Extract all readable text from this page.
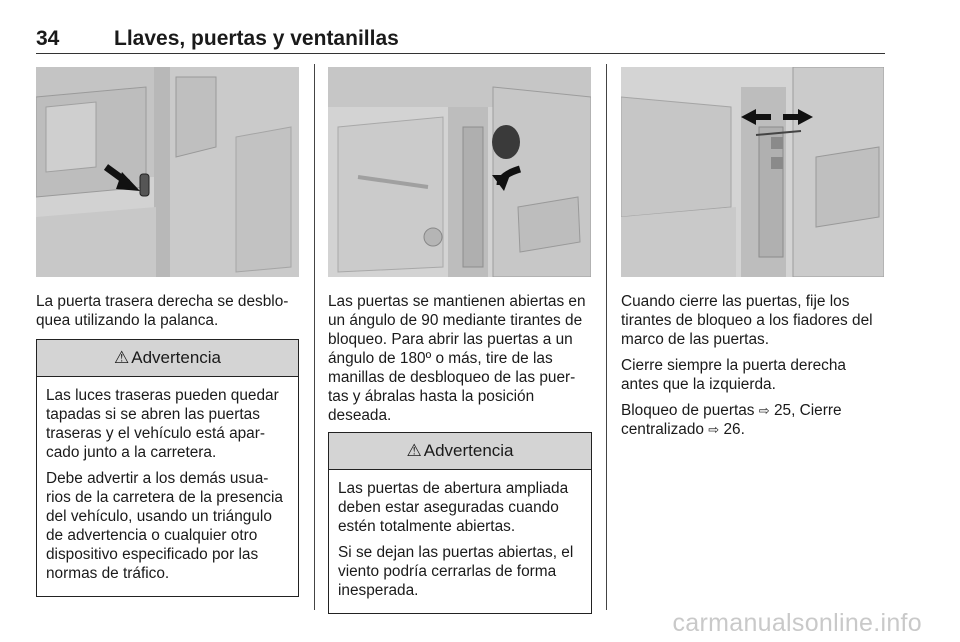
34	Llaves, puertas y ventanillas

La puerta trasera derecha se desblo-quea utilizando la palanca.

⚠ Advertencia

Las luces traseras pueden quedar tapadas si se abren las puertas traseras y el vehículo está apar-cado junto a la carretera.

Debe advertir a los demás usua-rios de la carretera de la presencia del vehículo, usando un triángulo de advertencia o cualquier otro dispositivo especificado por las normas de tráfico.

Las puertas se mantienen abiertas en un ángulo de 90 mediante tirantes de bloqueo. Para abrir las puertas a un ángulo de 180º o más, tire de las manillas de desbloqueo de las puer-tas y ábralas hasta la posición deseada.

⚠ Advertencia

Las puertas de abertura ampliada deben estar aseguradas cuando estén totalmente abiertas.

Si se dejan las puertas abiertas, el viento podría cerrarlas de forma inesperada.

Cuando cierre las puertas, fije los tirantes de bloqueo a los fiadores del marco de las puertas.

Cierre siempre la puerta derecha antes que la izquierda.

Bloqueo de puertas ⇨ 25, Cierre
centralizado ⇨ 26.

carmanualsonline.info
